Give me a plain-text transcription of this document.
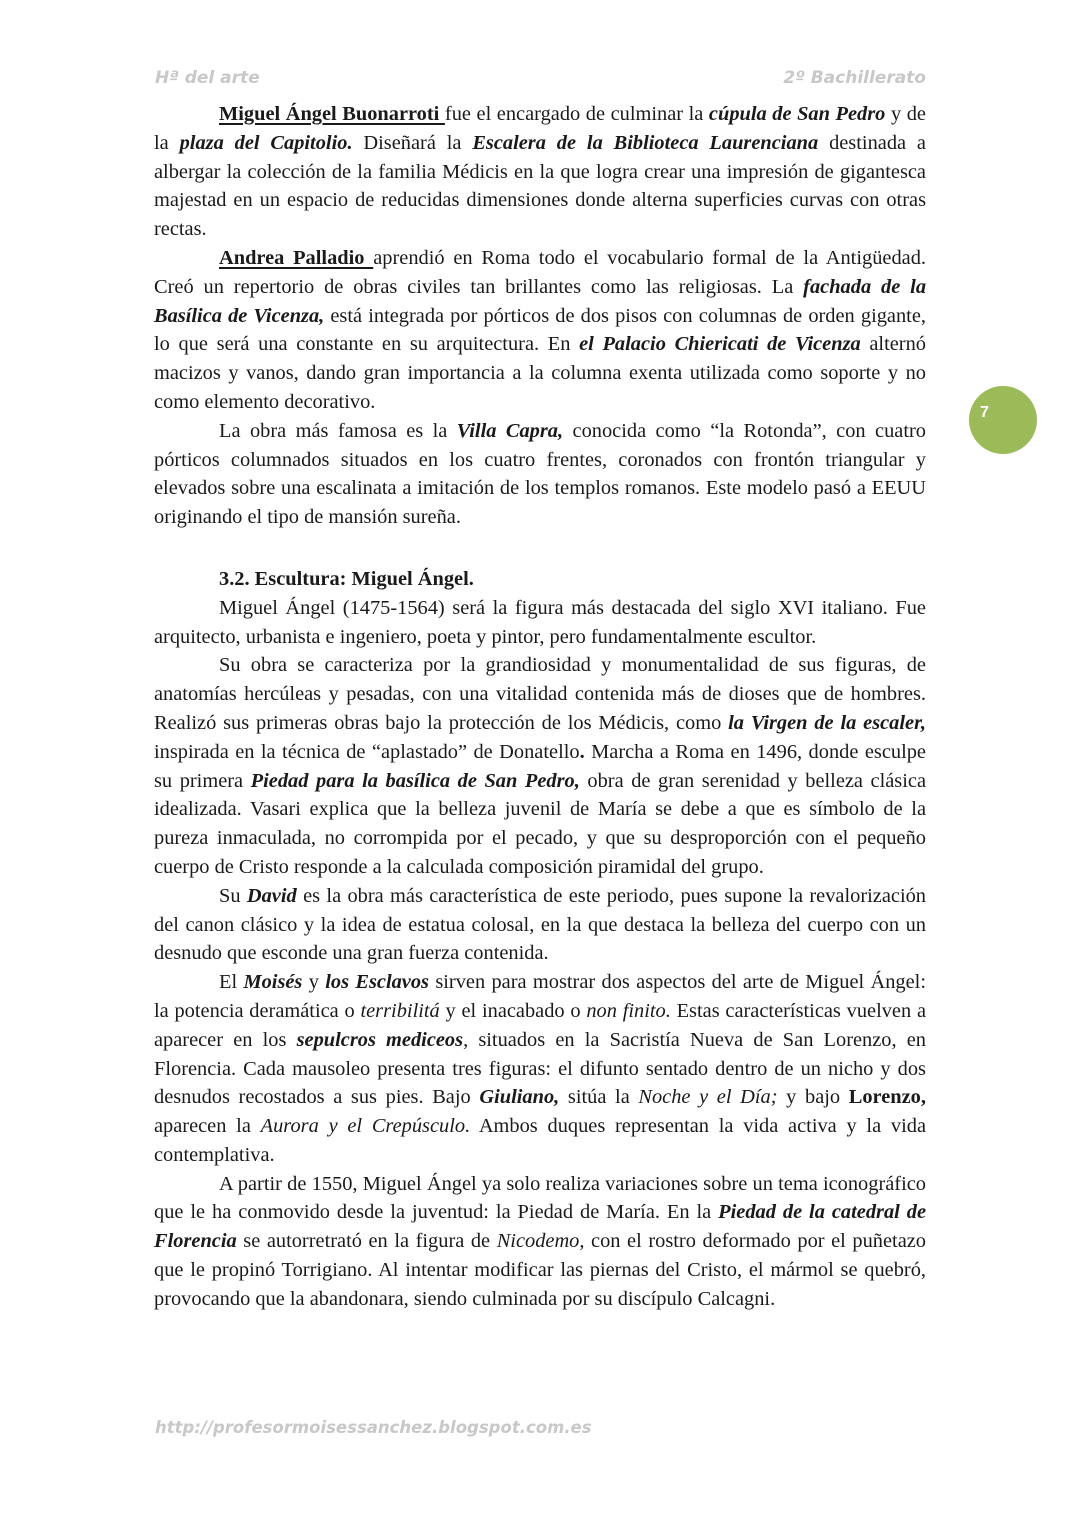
Hª del arte	2º Bachillerato
7

Miguel Ángel Buonarroti fue el encargado de culminar la cúpula de San Pedro y de la plaza del Capitolio. Diseñará la Escalera de la Biblioteca Laurenciana destinada a albergar la colección de la familia Médicis en la que logra crear una impresión de gigantesca majestad en un espacio de reducidas dimensiones donde alterna superficies curvas con otras rectas.

Andrea Palladio aprendió en Roma todo el vocabulario formal de la Antigüedad. Creó un repertorio de obras civiles tan brillantes como las religiosas. La fachada de la Basílica de Vicenza, está integrada por pórticos de dos pisos con columnas de orden gigante, lo que será una constante en su arquitectura. En el Palacio Chiericati de Vicenza alternó macizos y vanos, dando gran importancia a la columna exenta utilizada como soporte y no como elemento decorativo.

La obra más famosa es la Villa Capra, conocida como “la Rotonda”, con cuatro pórticos columnados situados en los cuatro frentes, coronados con frontón triangular y elevados sobre una escalinata a imitación de los templos romanos. Este modelo pasó a EEUU originando el tipo de mansión sureña.

3.2. Escultura: Miguel Ángel.

Miguel Ángel (1475-1564) será la figura más destacada del siglo XVI italiano. Fue arquitecto, urbanista e ingeniero, poeta y pintor, pero fundamentalmente escultor.

Su obra se caracteriza por la grandiosidad y monumentalidad de sus figuras, de anatomías hercúleas y pesadas, con una vitalidad contenida más de dioses que de hombres. Realizó sus primeras obras bajo la protección de los Médicis, como la Virgen de la escaler, inspirada en la técnica de “aplastado” de Donatello. Marcha a Roma en 1496, donde esculpe su primera Piedad para la basílica de San Pedro, obra de gran serenidad y belleza clásica idealizada. Vasari explica que la belleza juvenil de María se debe a que es símbolo de la pureza inmaculada, no corrompida por el pecado, y que su desproporción con el pequeño cuerpo de Cristo responde a la calculada composición piramidal del grupo.

Su David es la obra más característica de este periodo, pues supone la revalorización del canon clásico y la idea de estatua colosal, en la que destaca la belleza del cuerpo con un desnudo que esconde una gran fuerza contenida.

El Moisés y los Esclavos sirven para mostrar dos aspectos del arte de Miguel Ángel: la potencia deramática o terribilitá y el inacabado o non finito. Estas características vuelven a aparecer en los sepulcros mediceos, situados en la Sacristía Nueva de San Lorenzo, en Florencia. Cada mausoleo presenta tres figuras: el difunto sentado dentro de un nicho y dos desnudos recostados a sus pies. Bajo Giuliano, sitúa la Noche y el Día; y bajo Lorenzo, aparecen la Aurora y el Crepúsculo. Ambos duques representan la vida activa y la vida contemplativa.

A partir de 1550, Miguel Ángel ya solo realiza variaciones sobre un tema iconográfico que le ha conmovido desde la juventud: la Piedad de María. En la Piedad de la catedral de Florencia se autorretrató en la figura de Nicodemo, con el rostro deformado por el puñetazo que le propinó Torrigiano. Al intentar modificar las piernas del Cristo, el mármol se quebró, provocando que la abandonara, siendo culminada por su discípulo Calcagni.

http://profesormoisessanchez.blogspot.com.es
